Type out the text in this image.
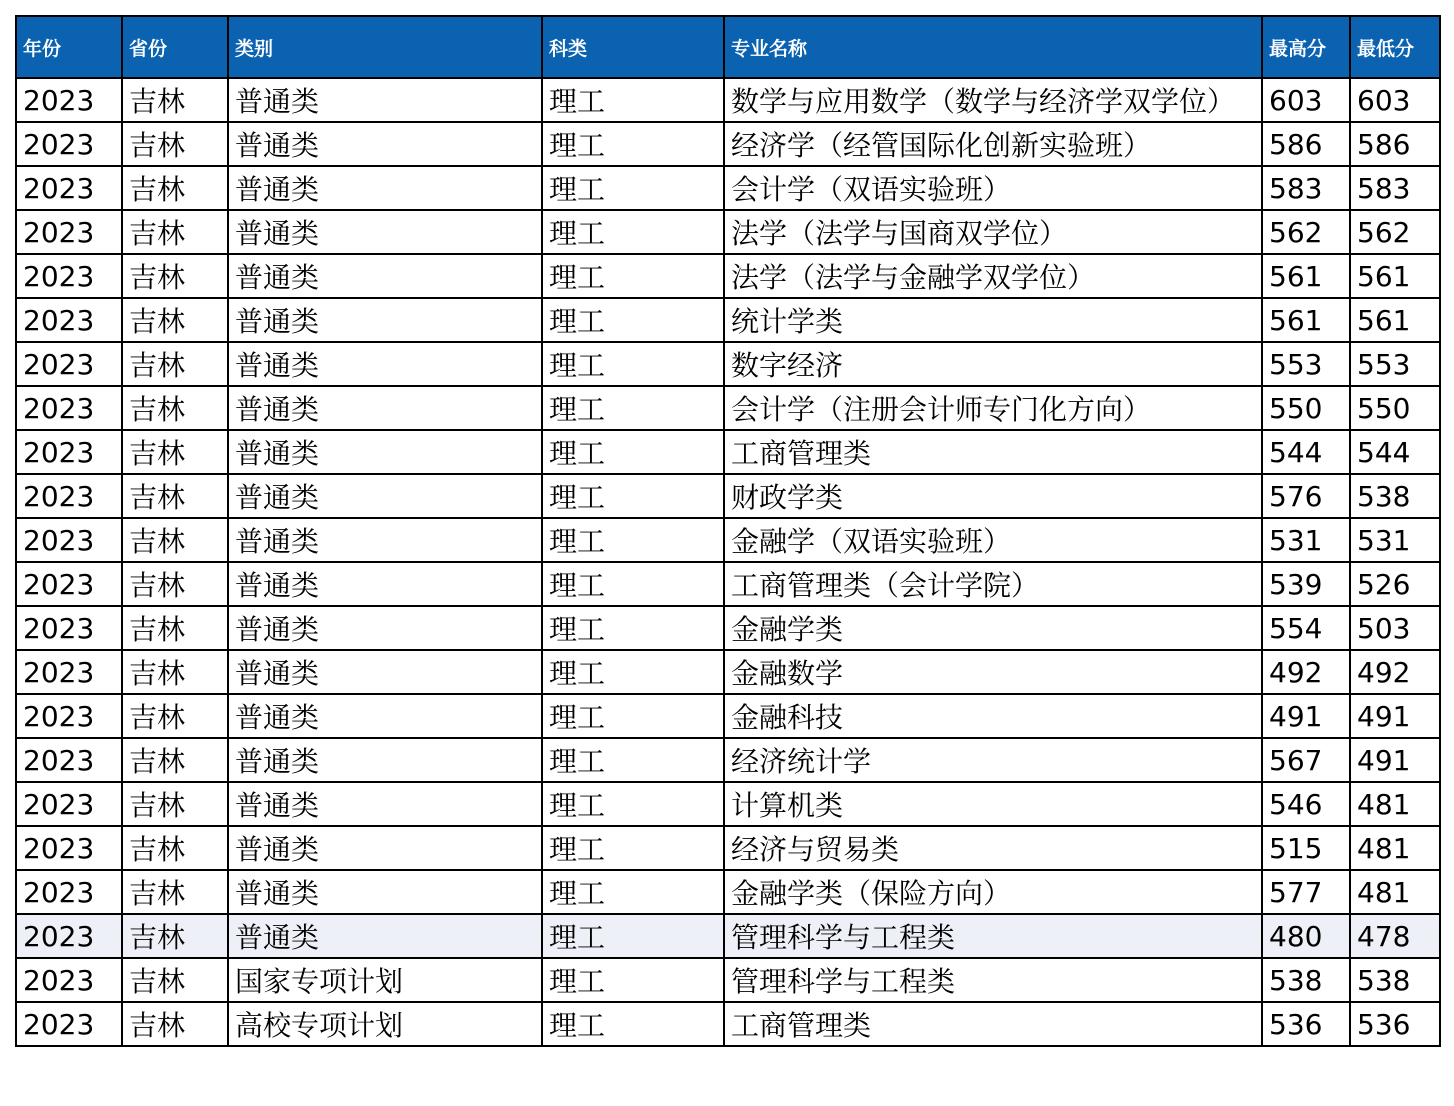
年份	省份	类别	科类	专业名称	最高分	最低分
2023	吉林	普通类	理工	数学与应用数学（数学与经济学双学位）	603	603
2023	吉林	普通类	理工	经济学（经管国际化创新实验班）	586	586
2023	吉林	普通类	理工	会计学（双语实验班）	583	583
2023	吉林	普通类	理工	法学（法学与国商双学位）	562	562
2023	吉林	普通类	理工	法学（法学与金融学双学位）	561	561
2023	吉林	普通类	理工	统计学类	561	561
2023	吉林	普通类	理工	数字经济	553	553
2023	吉林	普通类	理工	会计学（注册会计师专门化方向）	550	550
2023	吉林	普通类	理工	工商管理类	544	544
2023	吉林	普通类	理工	财政学类	576	538
2023	吉林	普通类	理工	金融学（双语实验班）	531	531
2023	吉林	普通类	理工	工商管理类（会计学院）	539	526
2023	吉林	普通类	理工	金融学类	554	503
2023	吉林	普通类	理工	金融数学	492	492
2023	吉林	普通类	理工	金融科技	491	491
2023	吉林	普通类	理工	经济统计学	567	491
2023	吉林	普通类	理工	计算机类	546	481
2023	吉林	普通类	理工	经济与贸易类	515	481
2023	吉林	普通类	理工	金融学类（保险方向）	577	481
2023	吉林	普通类	理工	管理科学与工程类	480	478
2023	吉林	国家专项计划	理工	管理科学与工程类	538	538
2023	吉林	高校专项计划	理工	工商管理类	536	536
